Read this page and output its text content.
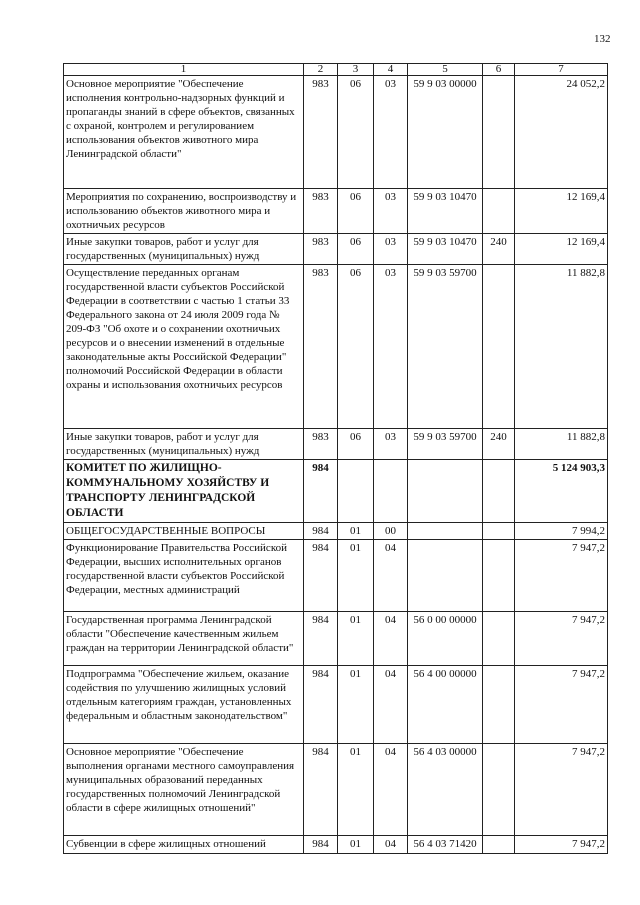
132
1	2	3	4	5	6	7
Основное мероприятие "Обеспечение исполнения контрольно-надзорных функций и пропаганды знаний в сфере объектов, связанных с охраной, контролем и регулированием использования объектов животного мира Ленинградской области"	983	06	03	59 9 03 00000		24 052,2
Мероприятия по сохранению, воспроизводству и использованию объектов животного мира и охотничьих ресурсов	983	06	03	59 9 03 10470		12 169,4
Иные закупки товаров, работ и услуг для государственных (муниципальных) нужд	983	06	03	59 9 03 10470	240	12 169,4
Осуществление переданных органам государственной власти субъектов Российской Федерации в соответствии с частью 1 статьи 33 Федерального закона от 24 июля 2009 года № 209-ФЗ "Об охоте и о сохранении охотничьих ресурсов и о внесении изменений в отдельные законодательные акты Российской Федерации" полномочий Российской Федерации в области охраны и использования охотничьих ресурсов	983	06	03	59 9 03 59700		11 882,8
Иные закупки товаров, работ и услуг для государственных (муниципальных) нужд	983	06	03	59 9 03 59700	240	11 882,8
КОМИТЕТ ПО ЖИЛИЩНО-КОММУНАЛЬНОМУ ХОЗЯЙСТВУ И ТРАНСПОРТУ ЛЕНИНГРАДСКОЙ ОБЛАСТИ	984					5 124 903,3
ОБЩЕГОСУДАРСТВЕННЫЕ ВОПРОСЫ	984	01	00			7 994,2
Функционирование Правительства Российской Федерации, высших исполнительных органов государственной власти субъектов Российской Федерации, местных администраций	984	01	04			7 947,2
Государственная программа Ленинградской области "Обеспечение качественным жильем граждан на территории Ленинградской области"	984	01	04	56 0 00 00000		7 947,2
Подпрограмма "Обеспечение жильем, оказание содействия по улучшению жилищных условий отдельным категориям граждан, установленных федеральным и областным законодательством"	984	01	04	56 4 00 00000		7 947,2
Основное мероприятие "Обеспечение выполнения органами местного самоуправления муниципальных образований переданных государственных полномочий Ленинградской области в сфере жилищных отношений"	984	01	04	56 4 03 00000		7 947,2
Субвенции в сфере жилищных отношений	984	01	04	56 4 03 71420		7 947,2
